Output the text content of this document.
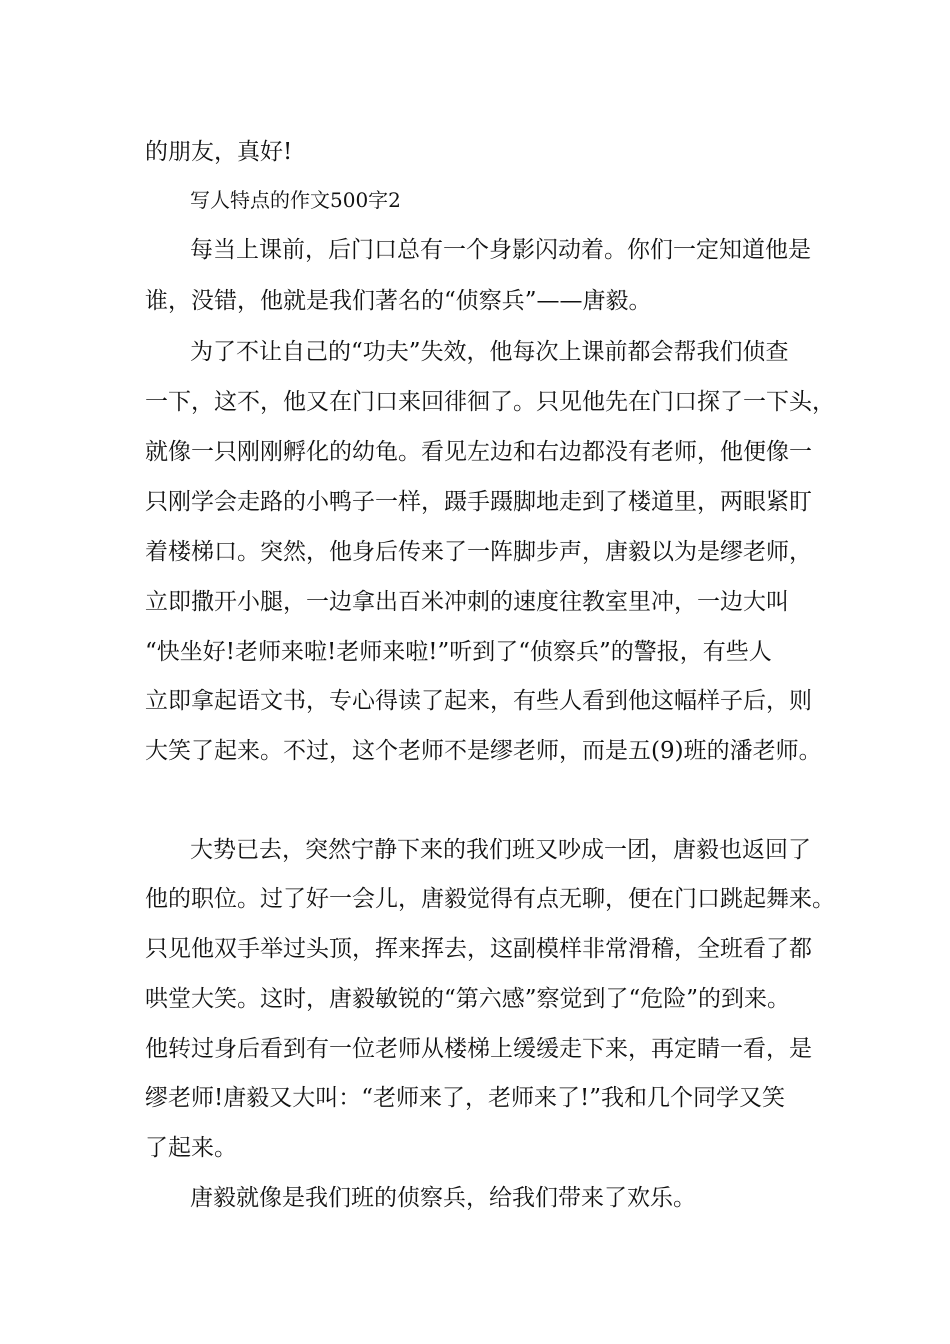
的朋友，真好!
写人特点的作文500字2
每当上课前，后门口总有一个身影闪动着。你们一定知道他是
谁，没错，他就是我们著名的“侦察兵”——唐毅。
为了不让自己的“功夫”失效，他每次上课前都会帮我们侦查
一下，这不，他又在门口来回徘徊了。只见他先在门口探了一下头，
就像一只刚刚孵化的幼龟。看见左边和右边都没有老师，他便像一
只刚学会走路的小鸭子一样，蹑手蹑脚地走到了楼道里，两眼紧盯
着楼梯口。突然，他身后传来了一阵脚步声，唐毅以为是缪老师，
立即撒开小腿，一边拿出百米冲刺的速度往教室里冲，一边大叫
“快坐好!老师来啦!老师来啦!”听到了“侦察兵”的警报，有些人
立即拿起语文书，专心得读了起来，有些人看到他这幅样子后，则
大笑了起来。不过，这个老师不是缪老师，而是五(9)班的潘老师。
大势已去，突然宁静下来的我们班又吵成一团，唐毅也返回了
他的职位。过了好一会儿，唐毅觉得有点无聊，便在门口跳起舞来。
只见他双手举过头顶，挥来挥去，这副模样非常滑稽，全班看了都
哄堂大笑。这时，唐毅敏锐的“第六感”察觉到了“危险”的到来。
他转过身后看到有一位老师从楼梯上缓缓走下来，再定睛一看，是
缪老师!唐毅又大叫：“老师来了，老师来了!”我和几个同学又笑
了起来。
唐毅就像是我们班的侦察兵，给我们带来了欢乐。
